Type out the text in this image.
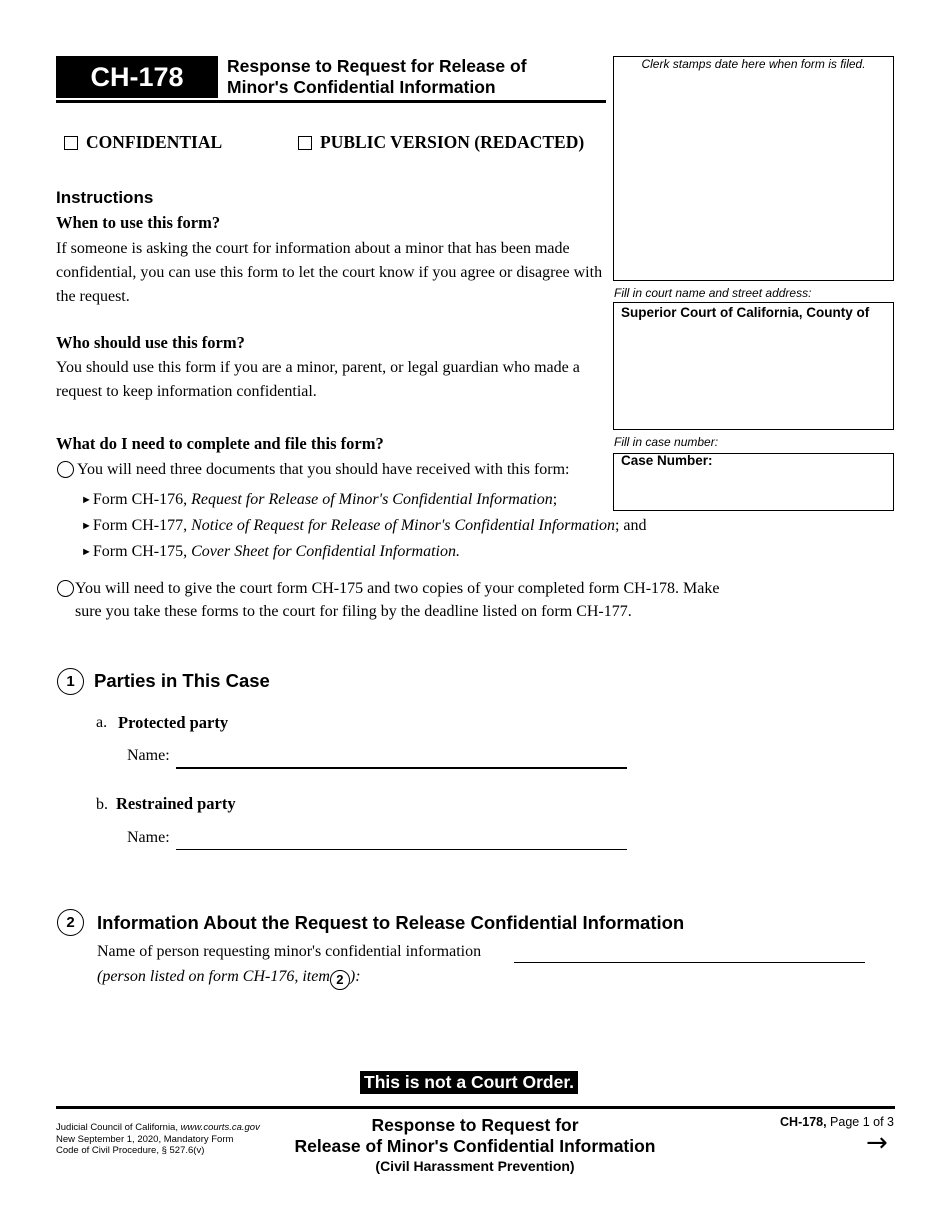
CH-178 Response to Request for Release of
Minor's Confidential Information
Clerk stamps date here when form is filed.
Fill in court name and street address:
Superior Court of California, County of
Fill in case number:
Case Number:
CONFIDENTIAL	PUBLIC VERSION (REDACTED)
Instructions
When to use this form?
If someone is asking the court for information about a minor that has been made confidential, you can use this form to let the court know if you agree or disagree with the request.
Who should use this form?
You should use this form if you are a minor, parent, or legal guardian who made a request to keep information confidential.
What do I need to complete and file this form?
You will need three documents that you should have received with this form:
►Form CH-176, Request for Release of Minor's Confidential Information;
►Form CH-177, Notice of Request for Release of Minor's Confidential Information; and
►Form CH-175, Cover Sheet for Confidential Information.
You will need to give the court form CH-175 and two copies of your completed form CH-178. Make
sure you take these forms to the court for filing by the deadline listed on form CH-177.
1	Parties in This Case
a. Protected party
Name:
b. Restrained party
Name:
2	Information About the Request to Release Confidential Information
Name of person requesting minor's confidential information
(person listed on form CH-176, item 2 ):
This is not a Court Order.
Judicial Council of California, www.courts.ca.gov
New September 1, 2020, Mandatory Form
Code of Civil Procedure, § 527.6(v)
Response to Request for
Release of Minor's Confidential Information
(Civil Harassment Prevention)
CH-178, Page 1 of 3
→
